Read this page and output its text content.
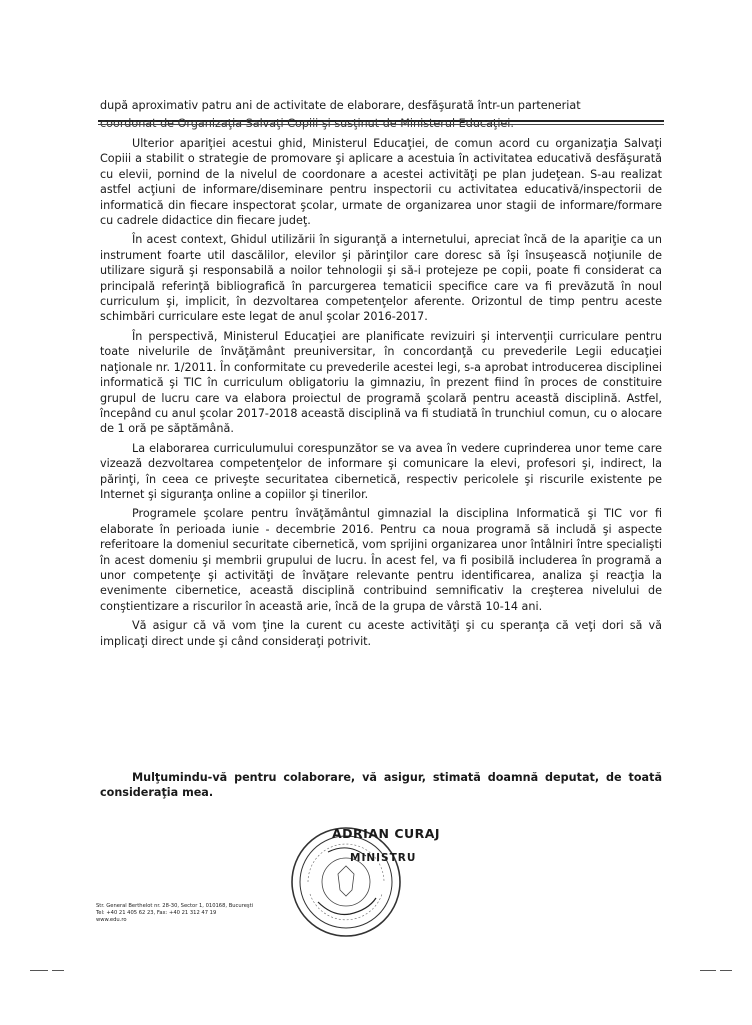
după aproximativ patru ani de activitate de elaborare, desfăşurată într-un parteneriat
coordonat de Organizaţia Salvaţi Copiii şi susţinut de Ministerul Educaţiei.

Ulterior apariţiei acestui ghid, Ministerul Educaţiei, de comun acord cu organizaţia Salvaţi Copiii a stabilit o strategie de promovare şi aplicare a acestuia în activitatea educativă desfăşurată cu elevii, pornind de la nivelul de coordonare a acestei activităţi pe plan judeţean. S-au realizat astfel acţiuni de informare/diseminare pentru inspectorii cu activitatea educativă/inspectorii de informatică din fiecare inspectorat şcolar, urmate de organizarea unor stagii de informare/formare cu cadrele didactice din fiecare judeţ.

În acest context, Ghidul utilizării în siguranţă a internetului, apreciat încă de la apariţie ca un instrument foarte util dascălilor, elevilor şi părinţilor care doresc să îşi însuşească noţiunile de utilizare sigură şi responsabilă a noilor tehnologii şi să-i protejeze pe copii, poate fi considerat ca principală referinţă bibliografică în parcurgerea tematicii specifice care va fi prevăzută în noul curriculum şi, implicit, în dezvoltarea competenţelor aferente. Orizontul de timp pentru aceste schimbări curriculare este legat de anul şcolar 2016-2017.

În perspectivă, Ministerul Educaţiei are planificate revizuiri şi intervenţii curriculare pentru toate nivelurile de învăţământ preuniversitar, în concordanţă cu prevederile Legii educaţiei naţionale nr. 1/2011. În conformitate cu prevederile acestei legi, s-a aprobat introducerea disciplinei informatică şi TIC în curriculum obligatoriu la gimnaziu, în prezent fiind în proces de constituire grupul de lucru care va elabora proiectul de programă şcolară pentru această disciplină. Astfel, începând cu anul şcolar 2017-2018 această disciplină va fi studiată în trunchiul comun, cu o alocare de 1 oră pe săptămână.

La elaborarea curriculumului corespunzător se va avea în vedere cuprinderea unor teme care vizează dezvoltarea competenţelor de informare şi comunicare la elevi, profesori şi, indirect, la părinţi, în ceea ce priveşte securitatea cibernetică, respectiv pericolele şi riscurile existente pe Internet şi siguranţa online a copiilor şi tinerilor.

Programele şcolare pentru învăţământul gimnazial la disciplina Informatică şi TIC vor fi elaborate în perioada iunie - decembrie 2016. Pentru ca noua programă să includă şi aspecte referitoare la domeniul securitate cibernetică, vom sprijini organizarea unor întâlniri între specialişti în acest domeniu şi membrii grupului de lucru. În acest fel, va fi posibilă includerea în programă a unor competenţe şi activităţi de învăţare relevante pentru identificarea, analiza şi reacţia la evenimente cibernetice, această disciplină contribuind semnificativ la creşterea nivelului de conştientizare a riscurilor în această arie, încă de la grupa de vârstă 10-14 ani.

Vă asigur că vă vom ţine la curent cu aceste activităţi şi cu speranţa că veţi dori să vă implicaţi direct unde şi când consideraţi potrivit.

Mulţumindu-vă pentru colaborare, vă asigur, stimată doamnă deputat, de toată consideraţia mea.

ADRIAN CURAJ
MINISTRU
Str. General Berthelot nr. 28-30, Sector 1, 010168, Bucureşti
Tel: +40 21 405 62 23, Fax: +40 21 312 47 19
www.edu.ro
